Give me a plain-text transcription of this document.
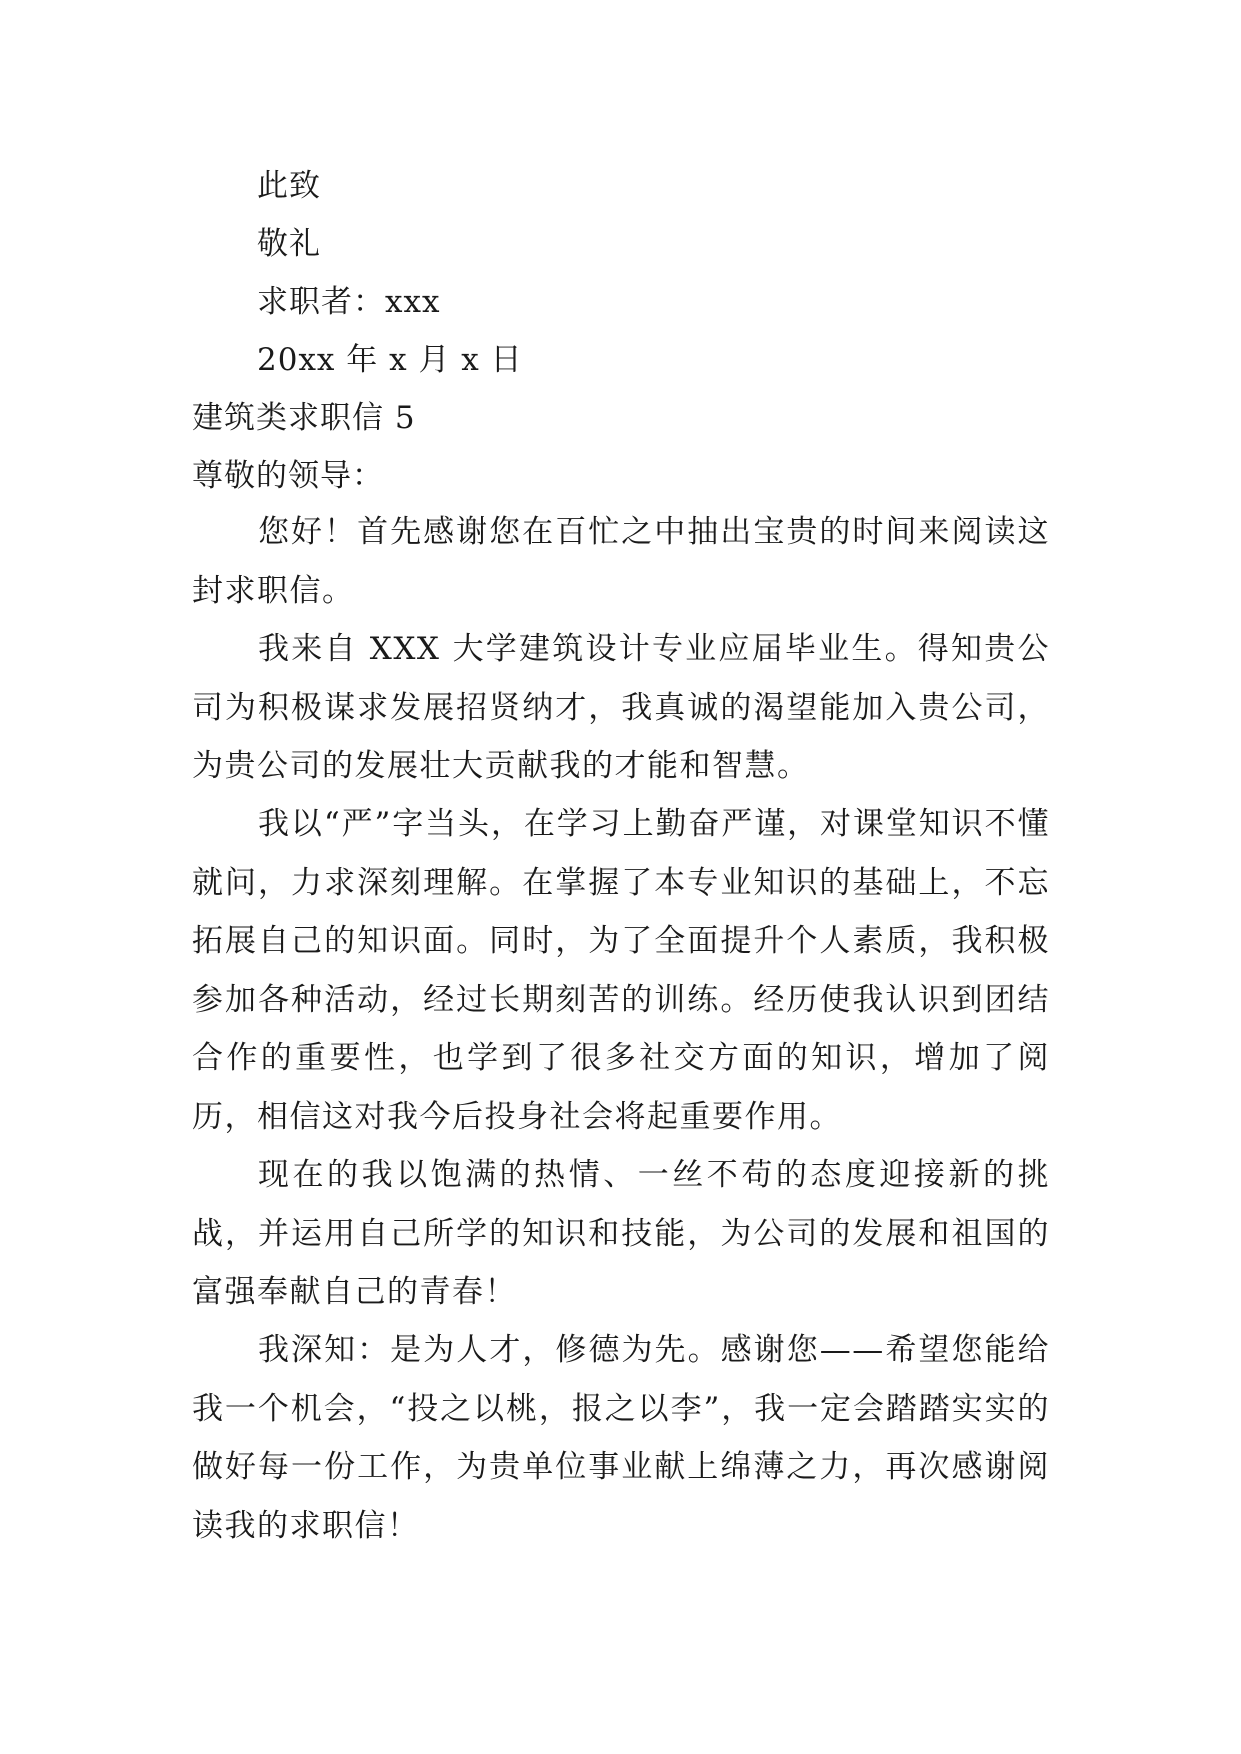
此致
敬礼
求职者：xxx
20xx 年 x 月 x 日
建筑类求职信 5
尊敬的领导：
您好！首先感谢您在百忙之中抽出宝贵的时间来阅读这封求职信。
我来自 XXX 大学建筑设计专业应届毕业生。得知贵公司为积极谋求发展招贤纳才，我真诚的渴望能加入贵公司，为贵公司的发展壮大贡献我的才能和智慧。
我以“严”字当头，在学习上勤奋严谨，对课堂知识不懂就问，力求深刻理解。在掌握了本专业知识的基础上，不忘拓展自己的知识面。同时，为了全面提升个人素质，我积极参加各种活动，经过长期刻苦的训练。经历使我认识到团结合作的重要性，也学到了很多社交方面的知识，增加了阅历，相信这对我今后投身社会将起重要作用。
现在的我以饱满的热情、一丝不苟的态度迎接新的挑战，并运用自己所学的知识和技能，为公司的发展和祖国的富强奉献自己的青春！
我深知：是为人才，修德为先。感谢您——希望您能给我一个机会，“投之以桃，报之以李”，我一定会踏踏实实的做好每一份工作，为贵单位事业献上绵薄之力，再次感谢阅读我的求职信！
